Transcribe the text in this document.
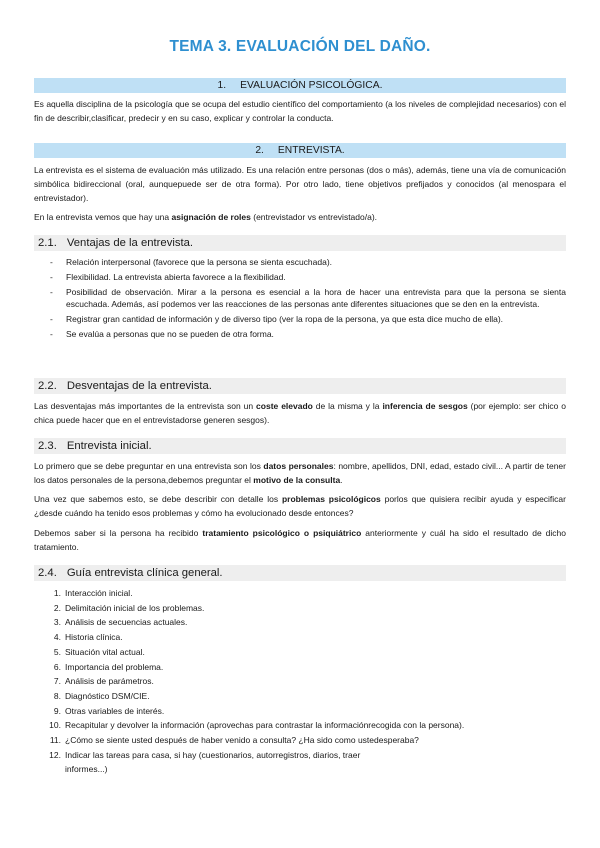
TEMA 3. EVALUACIÓN DEL DAÑO.
1. EVALUACIÓN PSICOLÓGICA.

Es aquella disciplina de la psicología que se ocupa del estudio científico del comportamiento (a los niveles de complejidad necesarios) con el fin de describir,clasificar, predecir y en su caso, explicar y controlar la conducta.

2. ENTREVISTA.

La entrevista es el sistema de evaluación más utilizado. Es una relación entre personas (dos o más), además, tiene una vía de comunicación simbólica bidireccional (oral, aunquepuede ser de otra forma). Por otro lado, tiene objetivos prefijados y conocidos (al menospara el entrevistador).

En la entrevista vemos que hay una asignación de roles (entrevistador vs entrevistado/a).

2.1. Ventajas de la entrevista.
- Relación interpersonal (favorece que la persona se sienta escuchada).
- Flexibilidad. La entrevista abierta favorece a la flexibilidad.
- Posibilidad de observación. Mirar a la persona es esencial a la hora de hacer una entrevista para que la persona se sienta escuchada. Además, así podemos ver las reacciones de las personas ante diferentes situaciones que se den en la entrevista.
- Registrar gran cantidad de información y de diverso tipo (ver la ropa de la persona, ya que esta dice mucho de ella).
- Se evalúa a personas que no se pueden de otra forma.
2.2. Desventajas de la entrevista.

Las desventajas más importantes de la entrevista son un coste elevado de la misma y la inferencia de sesgos (por ejemplo: ser chico o chica puede hacer que en el entrevistadorse generen sesgos).

2.3. Entrevista inicial.

Lo primero que se debe preguntar en una entrevista son los datos personales: nombre, apellidos, DNI, edad, estado civil... A partir de tener los datos personales de la persona,debemos preguntar el motivo de la consulta.

Una vez que sabemos esto, se debe describir con detalle los problemas psicológicos porlos que quisiera recibir ayuda y especificar ¿desde cuándo ha tenido esos problemas y cómo ha evolucionado desde entonces?

Debemos saber si la persona ha recibido tratamiento psicológico o psiquiátrico anteriormente y cuál ha sido el resultado de dicho tratamiento.

2.4. Guía entrevista clínica general.
1. Interacción inicial.
2. Delimitación inicial de los problemas.
3. Análisis de secuencias actuales.
4. Historia clínica.
5. Situación vital actual.
6. Importancia del problema.
7. Análisis de parámetros.
8. Diagnóstico DSM/CIE.
9. Otras variables de interés.
10. Recapitular y devolver la información (aprovechas para contrastar la informaciónrecogida con la persona).
11. ¿Cómo se siente usted después de haber venido a consulta? ¿Ha sido como ustedesperaba?
12. Indicar las tareas para casa, si hay (cuestionarios, autorregistros, diarios, traer
informes...)
